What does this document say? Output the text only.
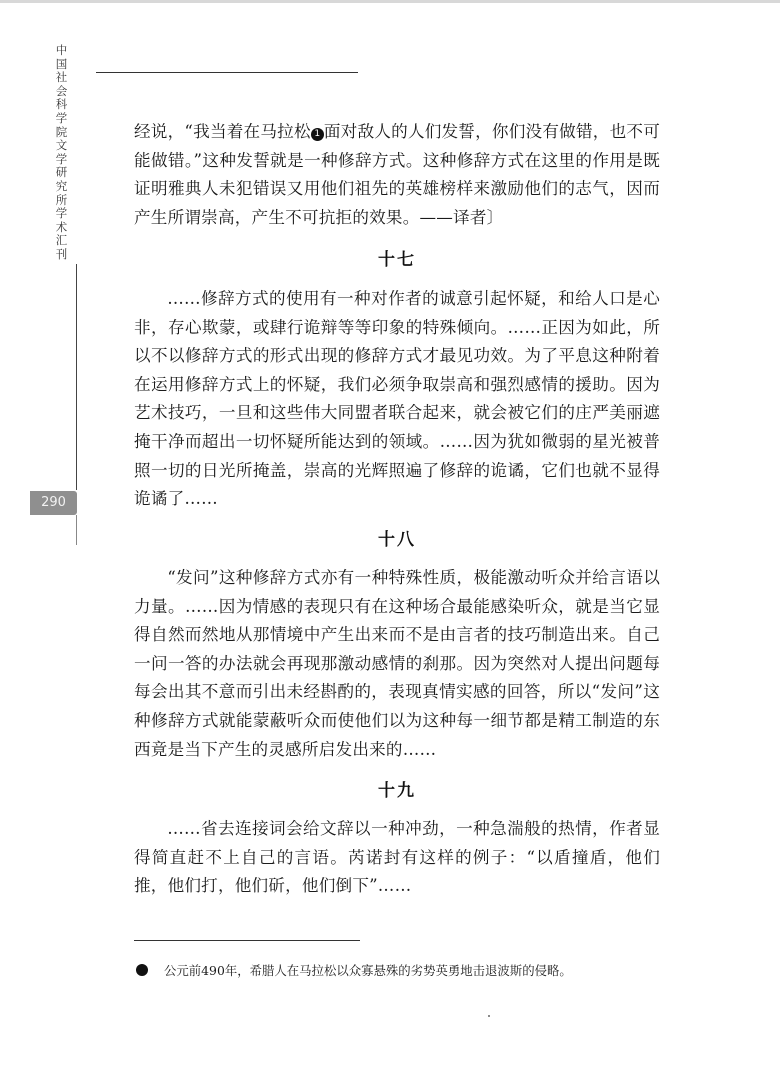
中国社会科学院文学研究所学术汇刊
290

经说，“我当着在马拉松 1 面对敌人的人们发誓，你们没有做错，也不可能做错。”这种发誓就是一种修辞方式。这种修辞方式在这里的作用是既证明雅典人未犯错误又用他们祖先的英雄榜样来激励他们的志气，因而产生所谓崇高，产生不可抗拒的效果。——译者〕

十七

……修辞方式的使用有一种对作者的诚意引起怀疑，和给人口是心非，存心欺蒙，或肆行诡辩等等印象的特殊倾向。……正因为如此，所以不以修辞方式的形式出现的修辞方式才最见功效。为了平息这种附着在运用修辞方式上的怀疑，我们必须争取崇高和强烈感情的援助。因为艺术技巧，一旦和这些伟大同盟者联合起来，就会被它们的庄严美丽遮掩干净而超出一切怀疑所能达到的领域。……因为犹如微弱的星光被普照一切的日光所掩盖，崇高的光辉照遍了修辞的诡谲，它们也就不显得诡谲了……

十八

“发问”这种修辞方式亦有一种特殊性质，极能激动听众并给言语以力量。……因为情感的表现只有在这种场合最能感染听众，就是当它显得自然而然地从那情境中产生出来而不是由言者的技巧制造出来。自己一问一答的办法就会再现那激动感情的刹那。因为突然对人提出问题每每会出其不意而引出未经斟酌的，表现真情实感的回答，所以“发问”这种修辞方式就能蒙蔽听众而使他们以为这种每一细节都是精工制造的东西竟是当下产生的灵感所启发出来的……

十九

……省去连接词会给文辞以一种冲劲，一种急湍般的热情，作者显得简直赶不上自己的言语。芮诺封有这样的例子：“以盾撞盾，他们推，他们打，他们斫，他们倒下”……

公元前490年，希腊人在马拉松以众寡悬殊的劣势英勇地击退波斯的侵略。
